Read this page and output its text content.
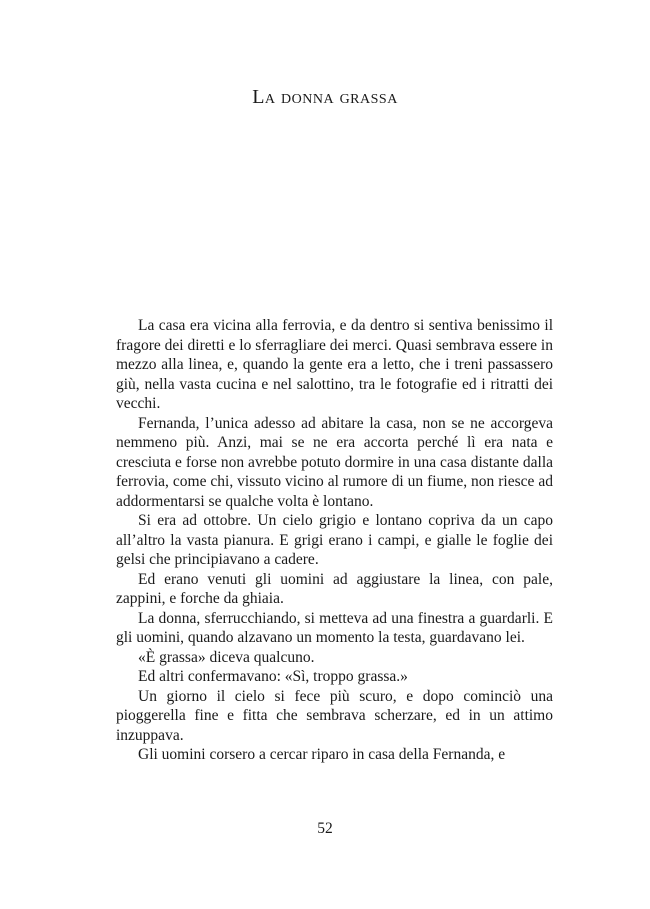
La donna grassa

La casa era vicina alla ferrovia, e da dentro si sentiva benissimo il fragore dei diretti e lo sferragliare dei merci. Quasi sembrava essere in mezzo alla linea, e, quando la gente era a letto, che i treni passassero giù, nella vasta cucina e nel salottino, tra le fotografie ed i ritratti dei vecchi.

Fernanda, l’unica adesso ad abitare la casa, non se ne accorgeva nemmeno più. Anzi, mai se ne era accorta perché lì era nata e cresciuta e forse non avrebbe potuto dormire in una casa distante dalla ferrovia, come chi, vissuto vicino al rumore di un fiume, non riesce ad addormentarsi se qualche volta è lontano.

Si era ad ottobre. Un cielo grigio e lontano copriva da un capo all’altro la vasta pianura. E grigi erano i campi, e gialle le foglie dei gelsi che principiavano a cadere.

Ed erano venuti gli uomini ad aggiustare la linea, con pale, zappini, e forche da ghiaia.

La donna, sferrucchiando, si metteva ad una finestra a guardarli. E gli uomini, quando alzavano un momento la testa, guardavano lei.

«È grassa» diceva qualcuno.

Ed altri confermavano: «Sì, troppo grassa.»

Un giorno il cielo si fece più scuro, e dopo cominciò una pioggerella fine e fitta che sembrava scherzare, ed in un attimo inzuppava.

Gli uomini corsero a cercar riparo in casa della Fernanda, e

52
